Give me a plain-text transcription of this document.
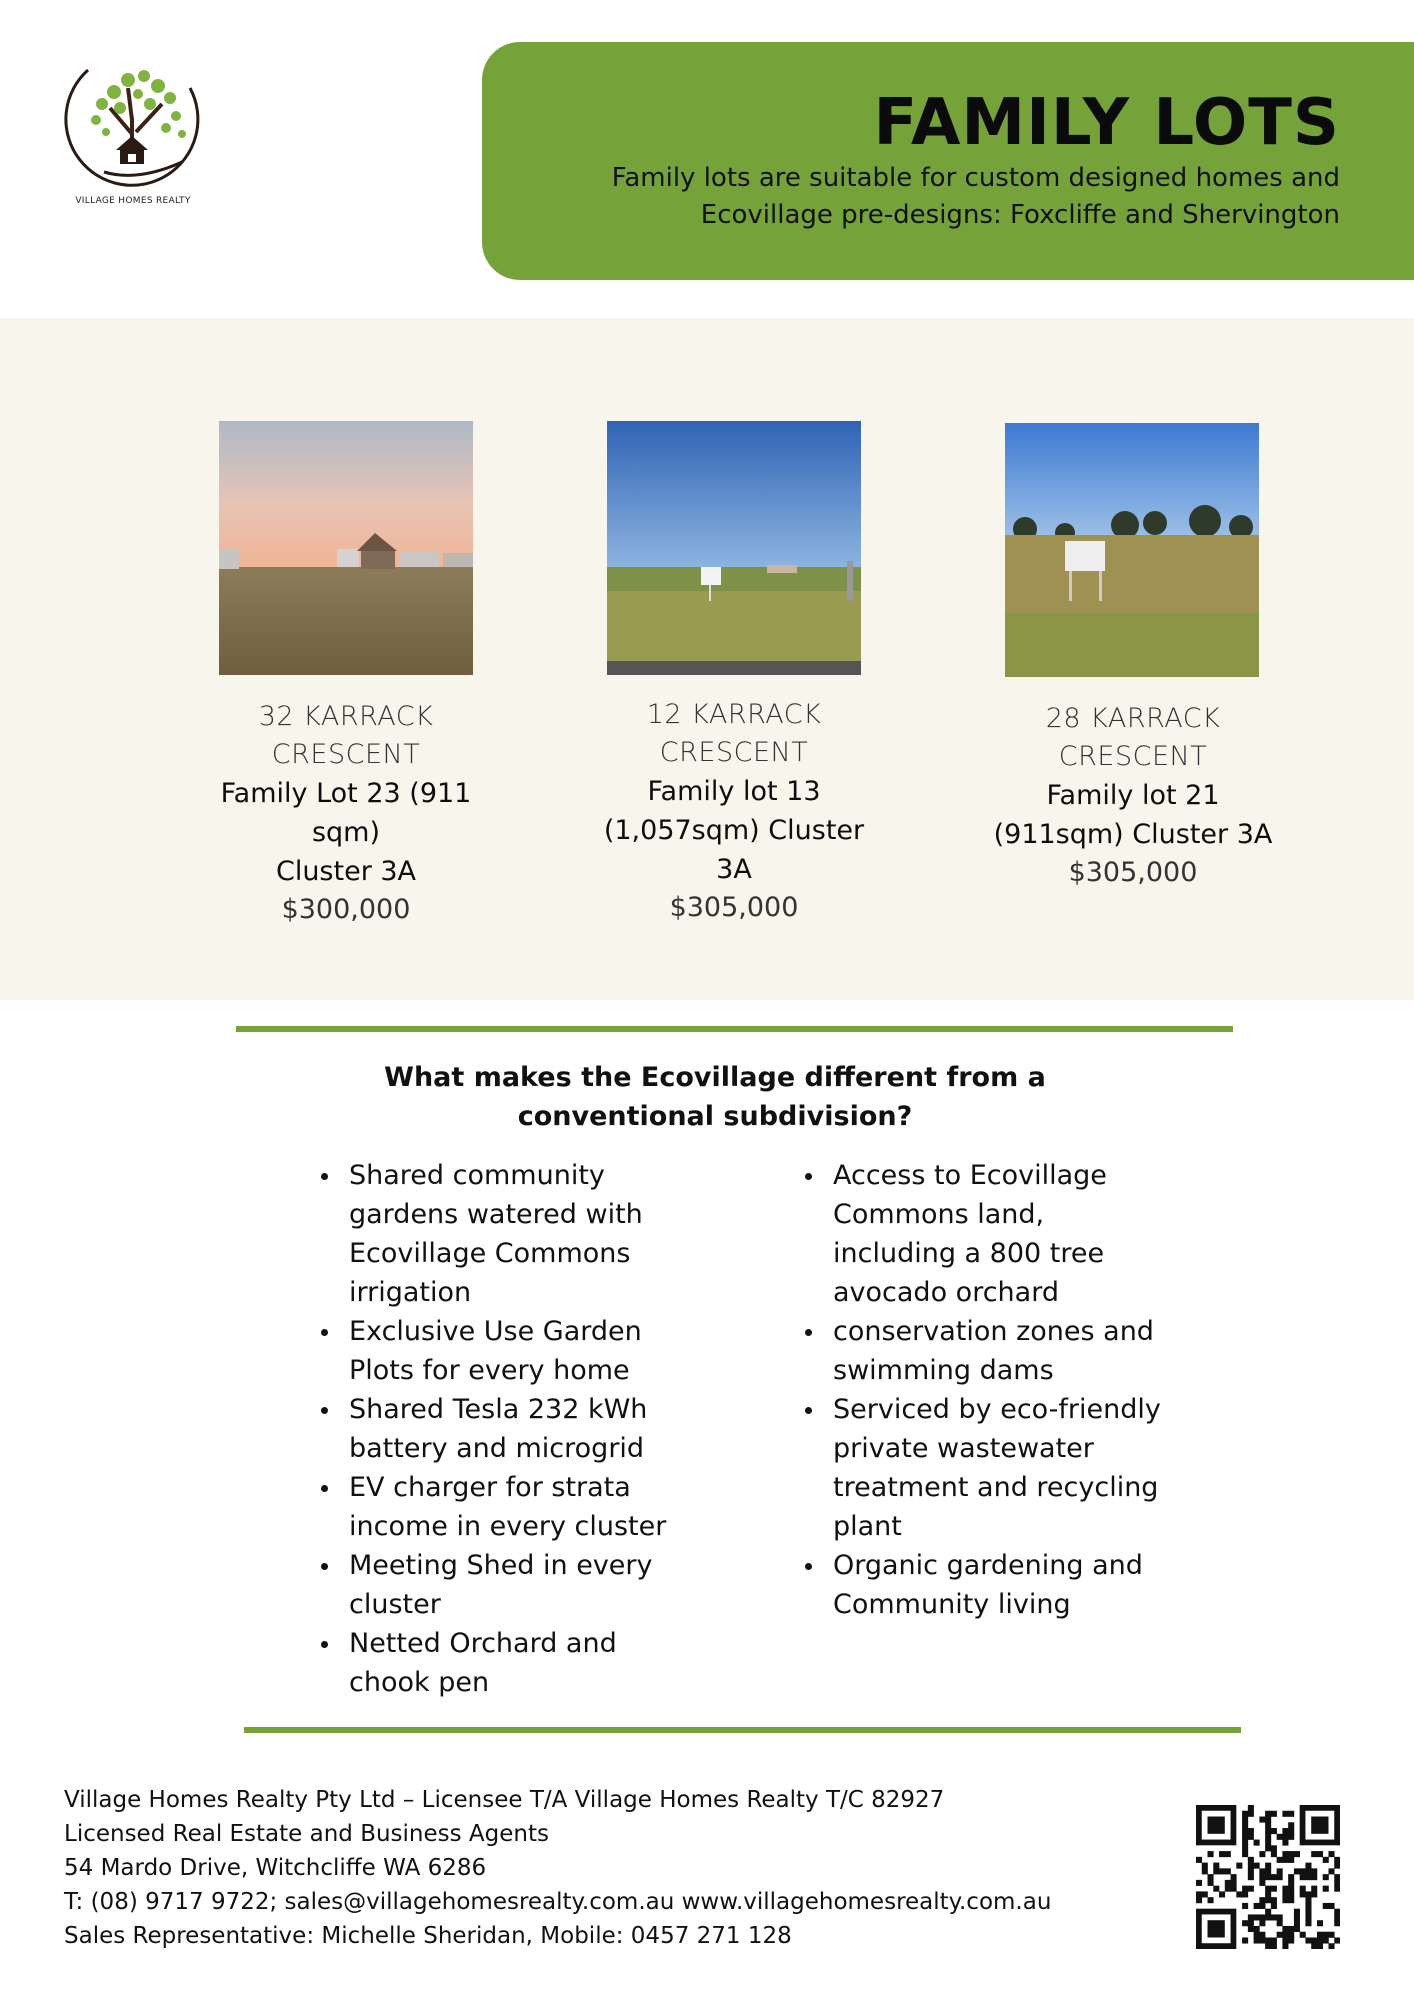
VILLAGE HOMES REALTY
FAMILY LOTS
Family lots are suitable for custom designed homes and
Ecovillage pre-designs: Foxcliffe and Shervington
32 KARRACK
CRESCENT
Family Lot 23 (911
sqm)
Cluster 3A
$300,000
12 KARRACK
CRESCENT
Family lot 13
(1,057sqm) Cluster
3A
$305,000
28 KARRACK
CRESCENT
Family lot 21
(911sqm) Cluster 3A
$305,000
What makes the Ecovillage different from a
conventional subdivision?
Shared community
gardens watered with
Ecovillage Commons
irrigation
Exclusive Use Garden
Plots for every home
Shared Tesla 232 kWh
battery and microgrid
EV charger for strata
income in every cluster
Meeting Shed in every
cluster
Netted Orchard and
chook pen
Access to Ecovillage
Commons land,
including a 800 tree
avocado orchard
conservation zones and
swimming dams
Serviced by eco-friendly
private wastewater
treatment and recycling
plant
Organic gardening and
Community living
Village Homes Realty Pty Ltd – Licensee T/A Village Homes Realty T/C 82927
Licensed Real Estate and Business Agents
54 Mardo Drive, Witchcliffe WA 6286
T: (08) 9717 9722; sales@villagehomesrealty.com.au www.villagehomesrealty.com.au
Sales Representative: Michelle Sheridan, Mobile: 0457 271 128
